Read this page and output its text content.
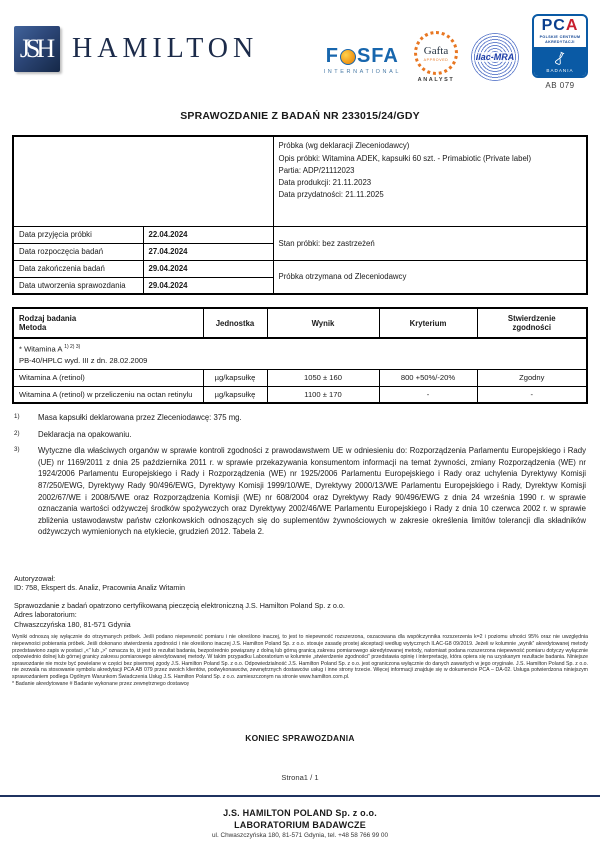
JSH HAMILTON	F SFA
INTERNATIONAL
Gafta
APPROVED
ANALYST
ilac-MRA
PCA
POLSKIE CENTRUM AKREDYTACJI
BADANIA
AB 079
SPRAWOZDANIE Z BADAŃ NR 233015/24/GDY

		Próbka (wg deklaracji Zleceniodawcy)
Opis próbki: Witamina ADEK, kapsułki 60 szt. - Primabiotic (Private label)
Partia: ADP/21112023
Data produkcji: 21.11.2023
Data przydatności: 21.11.2025

Data przyjęcia próbki	22.04.2024	Stan próbki: bez zastrzeżeń
Data rozpoczęcia badań	27.04.2024	
Data zakończenia badań	29.04.2024	Próbka otrzymana od Zleceniodawcy
Data utworzenia sprawozdania	29.04.2024	
Rodzaj badania
Metoda	Jednostka	Wynik	Kryterium	Stwierdzenie
zgodności

* Witamina A $^{1) 2) 3)}$
PB-40/HPLC wyd. III z dn. 28.02.2009				

Witamina A (retinol)	µg/kapsułkę	1050 ± 160	800 +50%/-20%	Zgodny
Witamina A (retinol) w przeliczeniu na octan retinylu	µg/kapsułkę	1100 ± 170	-	-
1)	Masa kapsułki deklarowana przez Zleceniodawcę: 375 mg.
2)	Deklaracja na opakowaniu.
3)	Wytyczne dla właściwych organów w sprawie kontroli zgodności z prawodawstwem UE w odniesieniu do: Rozporządzenia Parlamentu Europejskiego i Rady (UE) nr 1169/2011 z dnia 25 października 2011 r. w sprawie przekazywania konsumentom informacji na temat żywności, zmiany Rozporządzenia (WE) nr 1924/2006 Parlamentu Europejskiego i Rady i Rozporządzenia (WE) nr 1925/2006 Parlamentu Europejskiego i Rady oraz uchylenia Dyrektywy Komisji 87/250/EWG, Dyrektywy Rady 90/496/EWG, Dyrektywy Komisji 1999/10/WE, Dyrektywy 2000/13/WE Parlamentu Europejskiego i Rady, Dyrektyw Komisji 2002/67/WE i 2008/5/WE oraz Rozporządzenia Komisji (WE) nr 608/2004 oraz Dyrektywy Rady 90/496/EWG z dnia 24 września 1990 r. w sprawie oznaczania wartości odżywczej środków spożywczych oraz Dyrektywy 2002/46/WE Parlamentu Europejskiego i Rady z dnia 10 czerwca 2002 r. w sprawie zbliżenia ustawodawstw państw członkowskich odnoszących się do suplementów żywnościowych w zakresie określenia limitów tolerancji dla składników odżywczych wymienionych na etykiecie, grudzień 2012. Tabela 2.
Autoryzował:
ID: 758, Ekspert ds. Analiz, Pracownia Analiz Witamin
Sprawozdanie z badań opatrzono certyfikowaną pieczęcią elektroniczną J.S. Hamilton Poland Sp. z o.o.
Adres laboratorium:
Chwaszczyńska 180, 81-571 Gdynia
Wyniki odnoszą się wyłącznie do otrzymanych próbek. Jeśli podano niepewność pomiaru i nie określono inaczej, to jest to niepewność rozszerzona, oszacowana dla współczynnika rozszerzenia k=2 i poziomu ufności 95% oraz nie uwzględnia niepewności pobierania próbek. Jeśli dokonano stwierdzenia zgodności i nie określono inaczej J.S. Hamilton Poland Sp. z o.o. stosuje zasadę prostej akceptacji według wytycznych ILAC-G8 09/2019. Jeżeli w kolumnie „wynik” akredytowanej metody przedstawiono zapis w postaci „<” lub „>” oznacza to, iż jest to rezultat badania, bezpośrednio powiązany z dolną lub górną granicą zakresu pomiarowego akredytowanej metody, natomiast podana rozszerzona niepewność pomiaru dotyczy wyłącznie odpowiednio dolnej lub górnej granicy zakresu pomiarowego akredytowanej metody. W takim przypadku Laboratorium w kolumnie „stwierdzenie zgodności” przedstawia opinię i interpretację, która opiera się na uzyskanym rezultacie badania. Niniejsze sprawozdanie nie może być powielane w części bez pisemnej zgody J.S. Hamilton Poland Sp. z o.o. Odpowiedzialność J.S. Hamilton Poland Sp. z o.o. jest ograniczona wyłącznie do danych zawartych w jego oryginale. J.S. Hamilton Poland Sp. z o.o. nie zezwala na stosowanie symbolu akredytacji PCA AB 079 przez swoich klientów, podwykonawców, zewnętrznych dostawców usług i inne strony trzecie. Więcej informacji znajduje się w dokumencie PCA – DA-02. Usługa potwierdzona niniejszym sprawozdaniem podlega Ogólnym Warunkom Świadczenia Usług J.S. Hamilton Poland Sp. z o.o. zamieszczonym na stronie www.hamilton.com.pl.
* Badanie akredytowane # Badanie wykonane przez zewnętrznego dostawcę
KONIEC SPRAWOZDANIA
Strona1 / 1
J.S. HAMILTON POLAND Sp. z o.o.
LABORATORIUM BADAWCZE
ul. Chwaszczyńska 180, 81-571 Gdynia, tel. +48 58 766 99 00
